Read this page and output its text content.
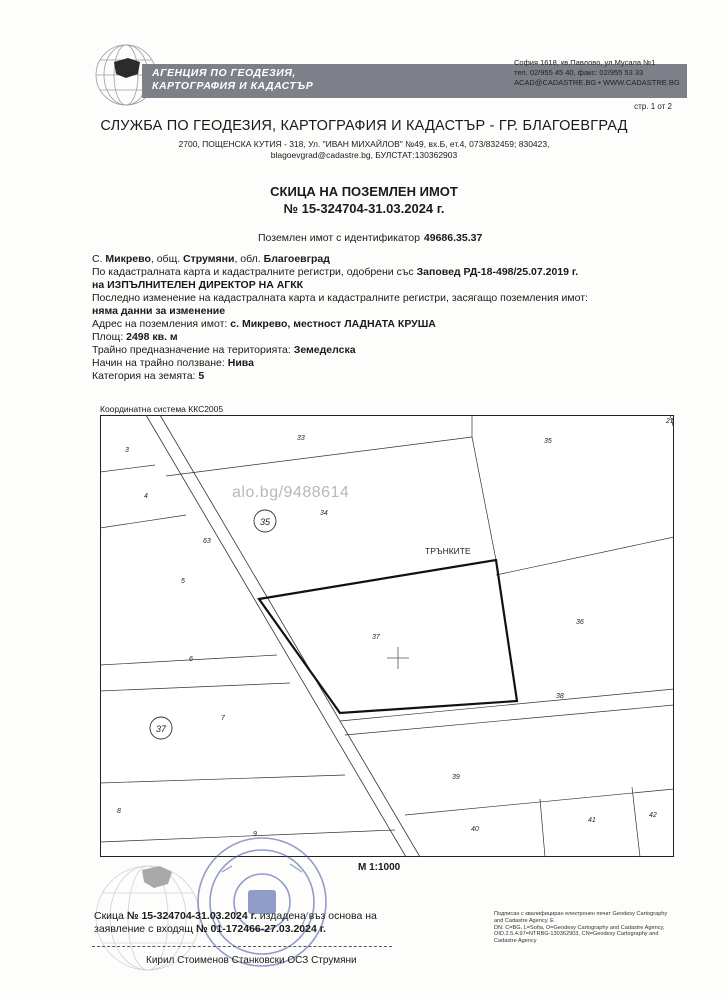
АГЕНЦИЯ ПО ГЕОДЕЗИЯ,
КАРТОГРАФИЯ И КАДАСТЪР
София 1618, кв.Павлово, ул.Мусала №1
тел. 02/955 45 40, факс: 02/955 53 33
ACAD@CADASTRE.BG • WWW.CADASTRE.BG
стр. 1 от 2
СЛУЖБА ПО ГЕОДЕЗИЯ, КАРТОГРАФИЯ И КАДАСТЪР - ГР. БЛАГОЕВГРАД
2700, ПОЩЕНСКА КУТИЯ - 318, Ул. "ИВАН МИХАЙЛОВ" №49, вх.Б, ет.4, 073/832459; 830423,
blagoevgrad@cadastre.bg, БУЛСТАТ:130362903
СКИЦА НА ПОЗЕМЛЕН ИМОТ
№ 15-324704-31.03.2024 г.
Поземлен имот с идентификатор 49686.35.37
С. Микрево, общ. Струмяни, обл. Благоевград
По кадастралната карта и кадастралните регистри, одобрени със Заповед РД-18-498/25.07.2019 г.
на ИЗПЪЛНИТЕЛЕН ДИРЕКТОР НА АГКК
Последно изменение на кадастралната карта и кадастралните регистри, засягащо поземления имот:
няма данни за изменение
Адрес на поземления имот: с. Микрево, местност ЛАДНАТА КРУША
Площ: 2498 кв. м
Трайно предназначение на територията: Земеделска
Начин на трайно ползване: Нива
Категория на земята: 5
Координатна система ККС2005
3
4
5
6
7
8
9
33
34
35
36
37
38
39
40
41
42
63
21
35
37
ТРЪНКИТЕ
alo.bg/9488614
М 1:1000
Скица № 15-324704-31.03.2024 г. издадена въз основа на
заявление с входящ № 01-172466-27.03.2024 г.
Кирил Стоименов Станковски ОСЗ Струмяни
Подписан с квалифициран електронен печат Geodesy Cartography
and Cadastre Agency. E
DN: C=BG, L=Sofia, O=Geodesy Cartography and Cadastre Agency,
OID.2.5.4.97=NTRBG-130362903, CN=Geodesy Cartography and
Cadastre Agency
